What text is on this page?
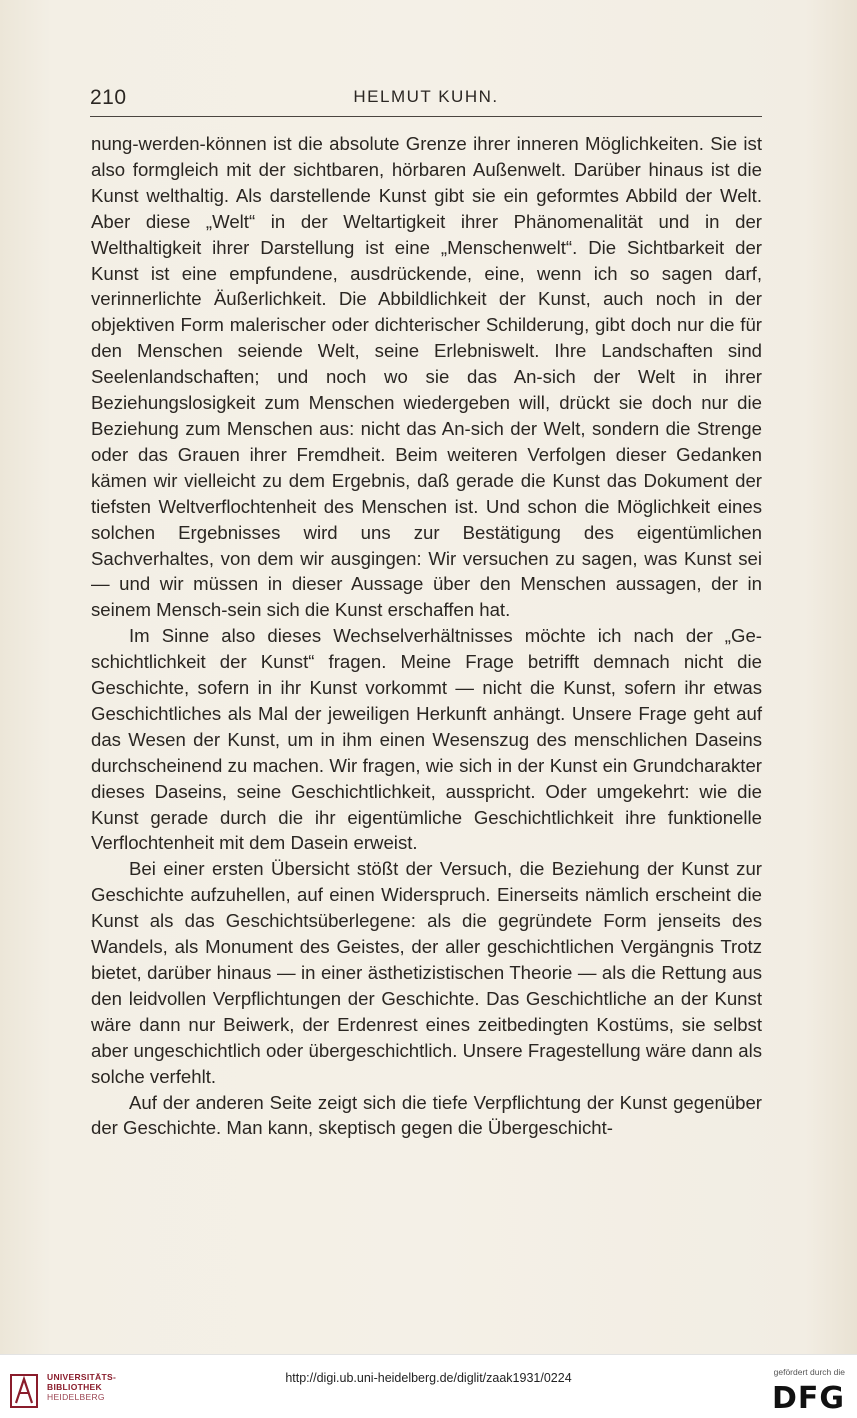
210	HELMUT KUHN.

nung-werden-können ist die absolute Grenze ihrer inneren Möglichkeiten. Sie ist also formgleich mit der sichtbaren, hörbaren Außenwelt. Darüber hinaus ist die Kunst welthaltig. Als darstellende Kunst gibt sie ein geformtes Abbild der Welt. Aber diese „Welt“ in der Weltartigkeit ihrer Phänomenalität und in der Welthaltigkeit ihrer Darstellung ist eine „Menschenwelt“. Die Sichtbarkeit der Kunst ist eine empfundene, ausdrückende, eine, wenn ich so sagen darf, verinnerlichte Äußerlichkeit. Die Abbildlichkeit der Kunst, auch noch in der objektiven Form malerischer oder dichterischer Schilderung, gibt doch nur die für den Menschen seiende Welt, seine Erlebniswelt. Ihre Landschaften sind Seelenlandschaften; und noch wo sie das An-sich der Welt in ihrer Beziehungslosigkeit zum Menschen wiedergeben will, drückt sie doch nur die Beziehung zum Menschen aus: nicht das An-sich der Welt, sondern die Strenge oder das Grauen ihrer Fremdheit. Beim weiteren Verfolgen dieser Gedanken kämen wir vielleicht zu dem Ergebnis, daß gerade die Kunst das Dokument der tiefsten Weltverflochtenheit des Menschen ist. Und schon die Möglichkeit eines solchen Ergebnisses wird uns zur Bestätigung des eigentümlichen Sachverhaltes, von dem wir ausgingen: Wir versuchen zu sagen, was Kunst sei — und wir müssen in dieser Aussage über den Menschen aussagen, der in seinem Mensch-sein sich die Kunst erschaffen hat.

Im Sinne also dieses Wechselverhältnisses möchte ich nach der „Geschichtlichkeit der Kunst“ fragen. Meine Frage betrifft demnach nicht die Geschichte, sofern in ihr Kunst vorkommt — nicht die Kunst, sofern ihr etwas Geschichtliches als Mal der jeweiligen Herkunft anhängt. Unsere Frage geht auf das Wesen der Kunst, um in ihm einen Wesenszug des menschlichen Daseins durchscheinend zu machen. Wir fragen, wie sich in der Kunst ein Grundcharakter dieses Daseins, seine Geschichtlichkeit, ausspricht. Oder umgekehrt: wie die Kunst gerade durch die ihr eigentümliche Geschichtlichkeit ihre funktionelle Verflochtenheit mit dem Dasein erweist.

Bei einer ersten Übersicht stößt der Versuch, die Beziehung der Kunst zur Geschichte aufzuhellen, auf einen Widerspruch. Einerseits nämlich erscheint die Kunst als das Geschichtsüberlegene: als die gegründete Form jenseits des Wandels, als Monument des Geistes, der aller geschichtlichen Vergängnis Trotz bietet, darüber hinaus — in einer ästhetizistischen Theorie — als die Rettung aus den leidvollen Verpflichtungen der Geschichte. Das Geschichtliche an der Kunst wäre dann nur Beiwerk, der Erdenrest eines zeitbedingten Kostüms, sie selbst aber ungeschichtlich oder übergeschichtlich. Unsere Fragestellung wäre dann als solche verfehlt.

Auf der anderen Seite zeigt sich die tiefe Verpflichtung der Kunst gegenüber der Geschichte. Man kann, skeptisch gegen die Übergeschicht-

UNIVERSITÄTS-
BIBLIOTHEK
HEIDELBERG
http://digi.ub.uni-heidelberg.de/diglit/zaak1931/0224	gefördert durch die
DFG
